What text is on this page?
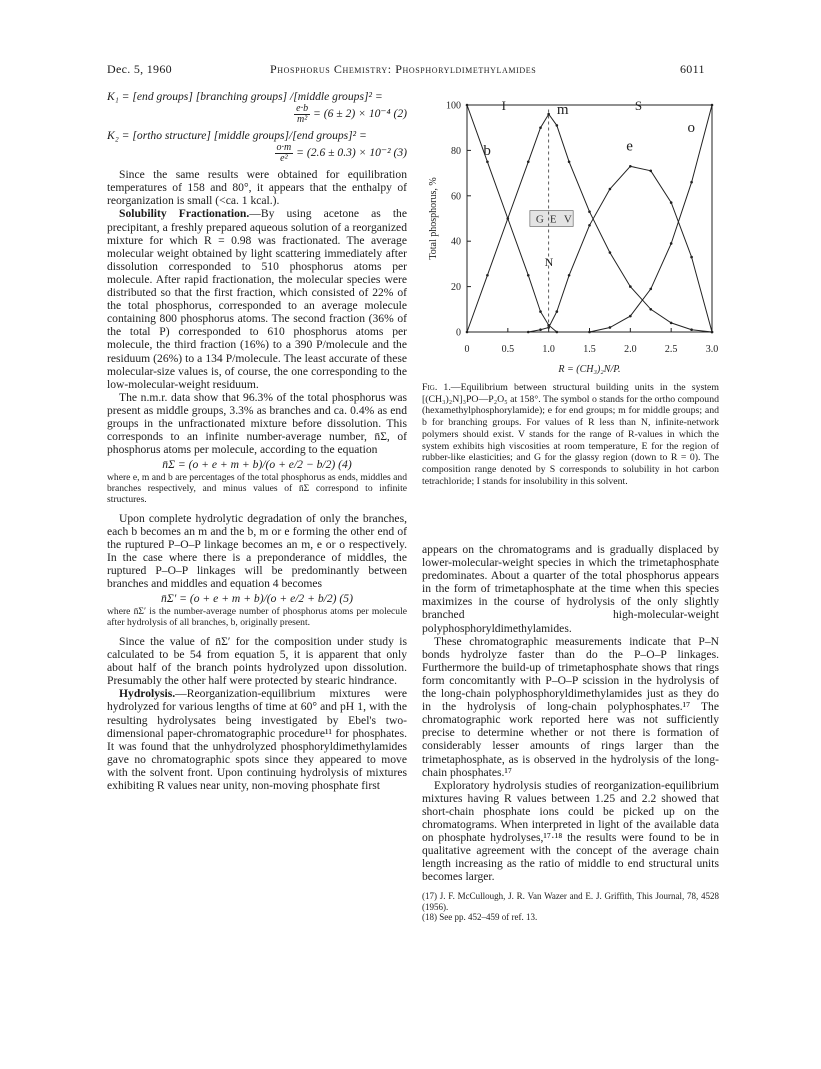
Dec. 5, 1960	Phosphorus Chemistry: Phosphoryldimethylamides	6011
K₁ = [end groups] [branching groups] /[middle groups]² =
$\frac{e\cdot b}{\text{m²}} = (6 \pm 2) \times 10^{-4}$ (2)
K₂ = [ortho structure] [middle groups]/[end groups]² =
$\frac{o\cdot m}{\text{e²}} = (2.6 \pm 0.3) \times 10^{-2}$ (3)

Since the same results were obtained for equilibration temperatures of 158 and 80°, it appears that the enthalpy of reorganization is small (<ca. 1 kcal.).

Solubility Fractionation.—By using acetone as the precipitant, a freshly prepared aqueous solution of a reorganized mixture for which R = 0.98 was fractionated. The average molecular weight obtained by light scattering immediately after dissolution corresponded to 510 phosphorus atoms per molecule. After rapid fractionation, the molecular species were distributed so that the first fraction, which consisted of 22% of the total phosphorus, corresponded to an average molecule containing 800 phosphorus atoms. The second fraction (36% of the total P) corresponded to 610 phosphorus atoms per molecule, the third fraction (16%) to a 390 P/molecule and the residuum (26%) to a 134 P/molecule. The least accurate of these molecular-size values is, of course, the one corresponding to the low-molecular-weight residuum.

The n.m.r. data show that 96.3% of the total phosphorus was present as middle groups, 3.3% as branches and ca. 0.4% as end groups in the unfractionated mixture before dissolution. This corresponds to an infinite number-average number, n̄Σ, of phosphorus atoms per molecule, according to the equation

n̄Σ = (o + e + m + b)/(o + e/2 − b/2) (4)
where e, m and b are percentages of the total phosphorus as ends, middles and branches respectively, and minus values of n̄Σ correspond to infinite structures.

Upon complete hydrolytic degradation of only the branches, each b becomes an m and the b, m or e forming the other end of the ruptured P–O–P linkage becomes an m, e or o respectively. In the case where there is a preponderance of middles, the ruptured P–O–P linkages will be predominantly between branches and middles and equation 4 becomes

n̄Σ′ = (o + e + m + b)/(o + e/2 + b/2) (5)
where n̄Σ′ is the number-average number of phosphorus atoms per molecule after hydrolysis of all branches, b, originally present.

Since the value of n̄Σ′ for the composition under study is calculated to be 54 from equation 5, it is apparent that only about half of the branch points hydrolyzed upon dissolution. Presumably the other half were protected by stearic hindrance.

Hydrolysis.—Reorganization-equilibrium mixtures were hydrolyzed for various lengths of time at 60° and pH 1, with the resulting hydrolysates being investigated by Ebel's two-dimensional paper-chromatographic procedure¹¹ for phosphates. It was found that the unhydrolyzed phosphoryldimethylamides gave no chromatographic spots since they appeared to move with the solvent front. Upon continuing hydrolysis of mixtures exhibiting R values near unity, non-moving phosphate first

0
20
40
60
80
100
0	0.5	1.0	1.5	2.0	2.5	3.0
R = (CH₃)₂N/P.
Total phosphorus, %
b
m
e
o
I	S
G E V
N
Fig. 1.—Equilibrium between structural building units in the system [(CH₃)₂N]₃PO—P₂O₅ at 158°. The symbol o stands for the ortho compound (hexamethylphosphorylamide); e for end groups; m for middle groups; and b for branching groups. For values of R less than N, infinite-network polymers should exist. V stands for the range of R-values in which the system exhibits high viscosities at room temperature, E for the region of rubber-like elasticities; and G for the glassy region (down to R = 0). The composition range denoted by S corresponds to solubility in hot carbon tetrachloride; I stands for insolubility in this solvent.

appears on the chromatograms and is gradually displaced by lower-molecular-weight species in which the trimetaphosphate predominates. About a quarter of the total phosphorus appears in the form of trimetaphosphate at the time when this species maximizes in the course of hydrolysis of the only slightly branched high-molecular-weight polyphosphoryldimethylamides.

These chromatographic measurements indicate that P–N bonds hydrolyze faster than do the P–O–P linkages. Furthermore the build-up of trimetaphosphate shows that rings form concomitantly with P–O–P scission in the hydrolysis of the long-chain polyphosphoryldimethylamides just as they do in the hydrolysis of long-chain polyphosphates.¹⁷ The chromatographic work reported here was not sufficiently precise to determine whether or not there is formation of considerably lesser amounts of rings larger than the trimetaphosphate, as is observed in the hydrolysis of the long-chain phosphates.¹⁷

Exploratory hydrolysis studies of reorganization-equilibrium mixtures having R values between 1.25 and 2.2 showed that short-chain phosphate ions could be picked up on the chromatograms. When interpreted in light of the available data on phosphate hydrolyses,¹⁷·¹⁸ the results were found to be in qualitative agreement with the concept of the average chain length increasing as the ratio of middle to end structural units becomes larger.

(17) J. F. McCullough, J. R. Van Wazer and E. J. Griffith, This Journal, 78, 4528 (1956).

(18) See pp. 452–459 of ref. 13.
